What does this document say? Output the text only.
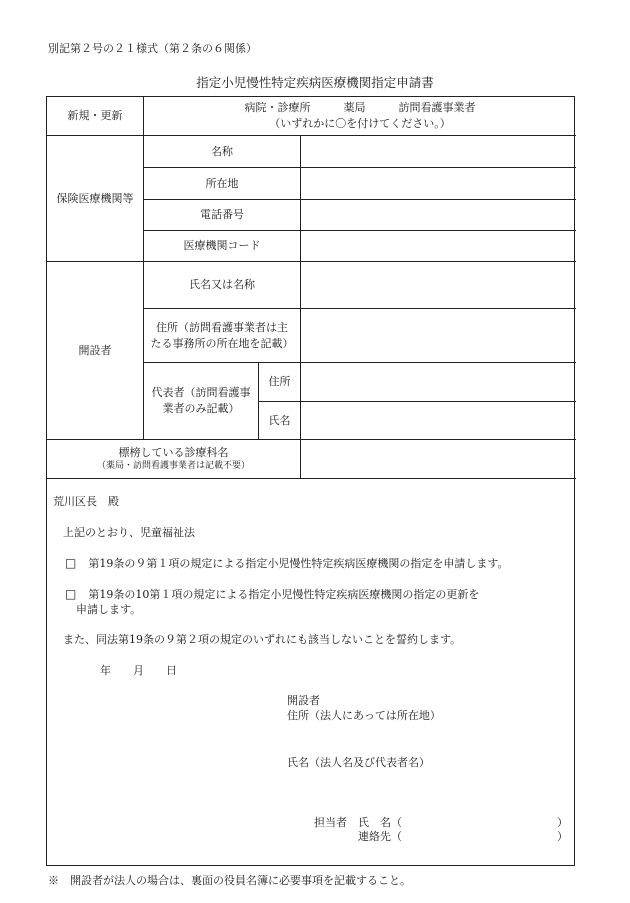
別記第２号の２１様式（第２条の６関係）
指定小児慢性特定疾病医療機関指定申請書
新規・更新
病院・診療所　　　薬局　　　訪問看護事業者
（いずれかに〇を付けてください。）
保険医療機関等
名称
所在地
電話番号
医療機関コード
開設者
氏名又は名称
住所（訪問看護事業者は主
たる事務所の所在地を記載）
代表者（訪問看護事
業者のみ記載）
住所
氏名
標榜している診療科名
（薬局・訪問看護事業者は記載不要）
荒川区長　殿
上記のとおり、児童福祉法
□ 第19条の９第１項の規定による指定小児慢性特定疾病医療機関の指定を申請します。
□ 第19条の10第１項の規定による指定小児慢性特定疾病医療機関の指定の更新を
申請します。
また、同法第19条の９第２項の規定のいずれにも該当しないことを誓約します。
年　　月　　日
開設者
住所（法人にあっては所在地）
氏名（法人名及び代表者名）
担当者　氏　名（	）
連絡先（	）
※　開設者が法人の場合は、裏面の役員名簿に必要事項を記載すること。
